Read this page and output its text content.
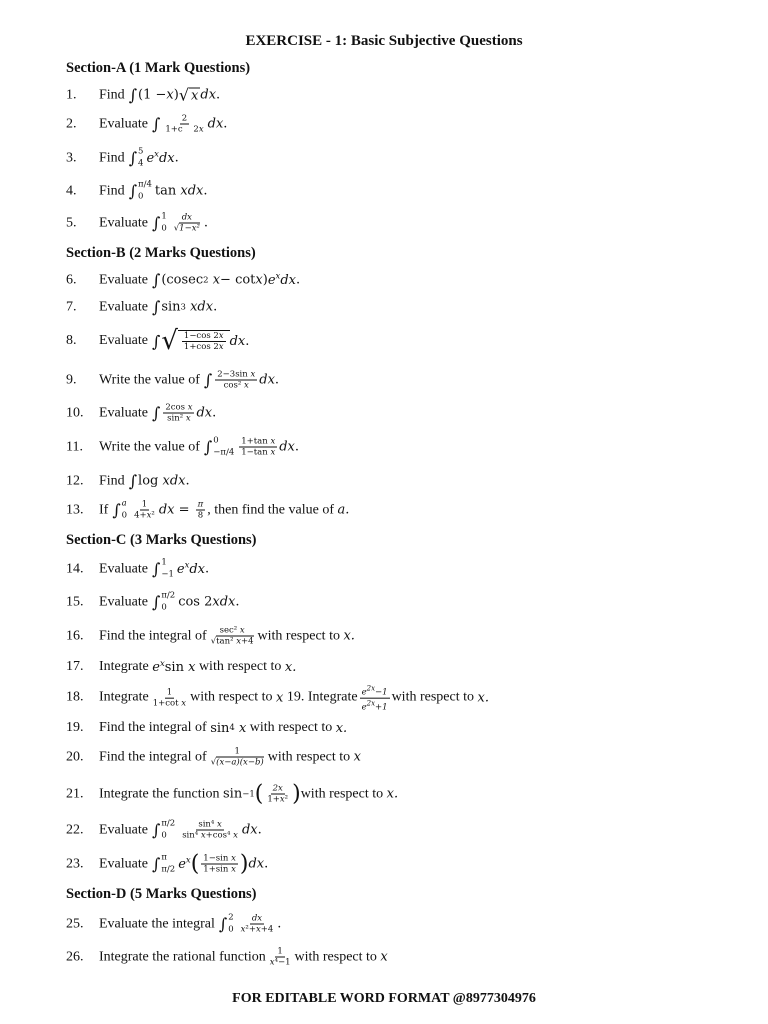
EXERCISE - 1: Basic Subjective Questions
Section-A (1 Mark Questions)
1.	Find ∫ (1 − x ) √ x dx .
2.	Evaluate ∫ $\frac{2}{1+c 2x}$ dx .
3.	Find ∫ 5
4 $e^xdx$ .
4.	Find ∫ π/4
0 tan xdx .
5.	Evaluate ∫ 1
$0 \frac{dx}{\text{√1−x²}}$ .
Section-B (2 Marks Questions)
6.	Evaluate ∫ (cosec 2 x − cot x ) $e^xdx$ .
7.	Evaluate ∫ sin 3 xdx .
8.	Evaluate ∫ √ $\frac{1-\cos 2x}{1+\cos 2x}$ dx .
9.	Write the value of ∫ $\frac{\text{2−3sin x}}{\text{cos² x}}$ dx .
10.	Evaluate ∫ $\frac{\text{2cos x}}{\text{sin² x}}$ dx .
11.	Write the value of ∫ 0
$-\pi/4 \frac{\text{1+tan x}}{\text{1−tan x}}$ dx .
12.	Find ∫ log xdx .
13.	If ∫ a
$0 \frac{1}{\text{4+x²}}$ dx = $\frac{\pi}{8}$ , then find the value of
a.
Section-C (3 Marks Questions)
14.	Evaluate ∫ 1
−1 $e^xdx$ .
15.	Evaluate ∫ π/2
0 cos 2 xdx .
16.	Find the integral of $\frac{\text{sec² x}}{\text{√tan² x+4}}$ with respect to
x.
17.	Integrate
$e^x$ sin x
with respect to
x.
18.	Integrate $\frac{1}{\text{1+cot x}}$ with respect to
x
19. Integrate $\frac{e^{2x}-1}{e^{2x}+1}$ with respect to
x.
19.	Find the integral of
sin 4 x
with respect to
x.
20.	Find the integral of $\frac{1}{√(x-a)(x-b)}$ with respect to
x
21.	Integrate the function
sin −1 ( $\frac{2x}{\text{1+x²}}$ ) with respect to
x.
22.	Evaluate ∫ π/2
0	$\frac{\text{sin⁴ x}}{\text{sin⁴ x+cos⁴ x}}$ dx .
23.	Evaluate ∫ π
π/2 $e^x$ ( $\frac{\text{1−sin x}}{\text{1+sin x}}$ ) dx .
Section-D (5 Marks Questions)
25.	Evaluate the integral ∫ 2
$0 \frac{dx}{\text{x²+x+4}}$ .
26.	Integrate the rational function $\frac{1}{\text{x⁴−1}}$ with respect to
x
FOR EDITABLE WORD FORMAT @8977304976
